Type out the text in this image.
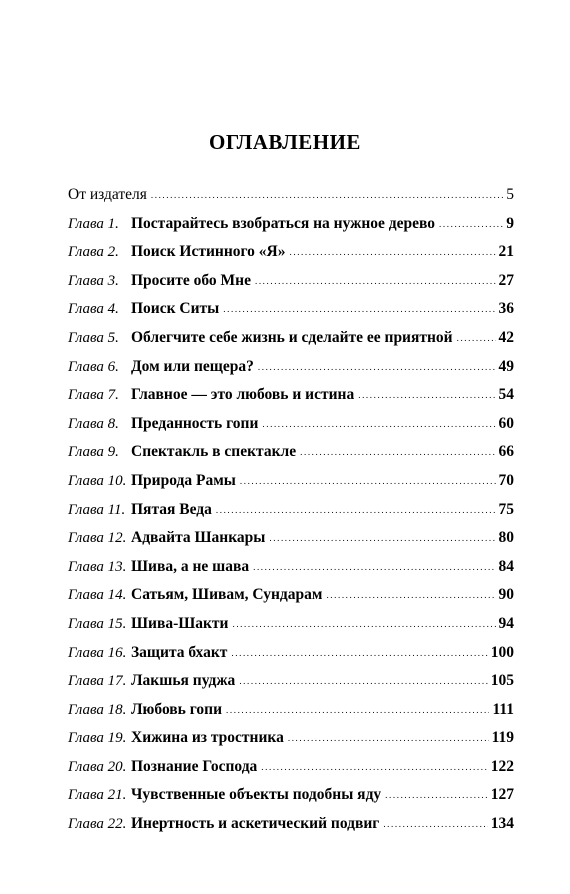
ОГЛАВЛЕНИЕ
От издателя .....	5
Глава 1. Постарайтесь взобраться на нужное дерево .....	9
Глава 2. Поиск Истинного «Я» .....	21
Глава 3. Просите обо Мне .....	27
Глава 4. Поиск Ситы .....	36
Глава 5. Облегчите себе жизнь и сделайте ее приятной .....	42
Глава 6. Дом или пещера? .....	49
Глава 7. Главное — это любовь и истина .....	54
Глава 8. Преданность гопи .....	60
Глава 9. Спектакль в спектакле .....	66
Глава 10. Природа Рамы .....	70
Глава 11. Пятая Веда .....	75
Глава 12. Адвайта Шанкары .....	80
Глава 13. Шива, а не шава .....	84
Глава 14. Сатьям, Шивам, Сундарам .....	90
Глава 15. Шива-Шакти .....	94
Глава 16. Защита бхакт .....	100
Глава 17. Лакшья пуджа .....	105
Глава 18. Любовь гопи .....	111
Глава 19. Хижина из тростника .....	119
Глава 20. Познание Господа .....	122
Глава 21. Чувственные объекты подобны яду .....	127
Глава 22. Инертность и аскетический подвиг .....	134
